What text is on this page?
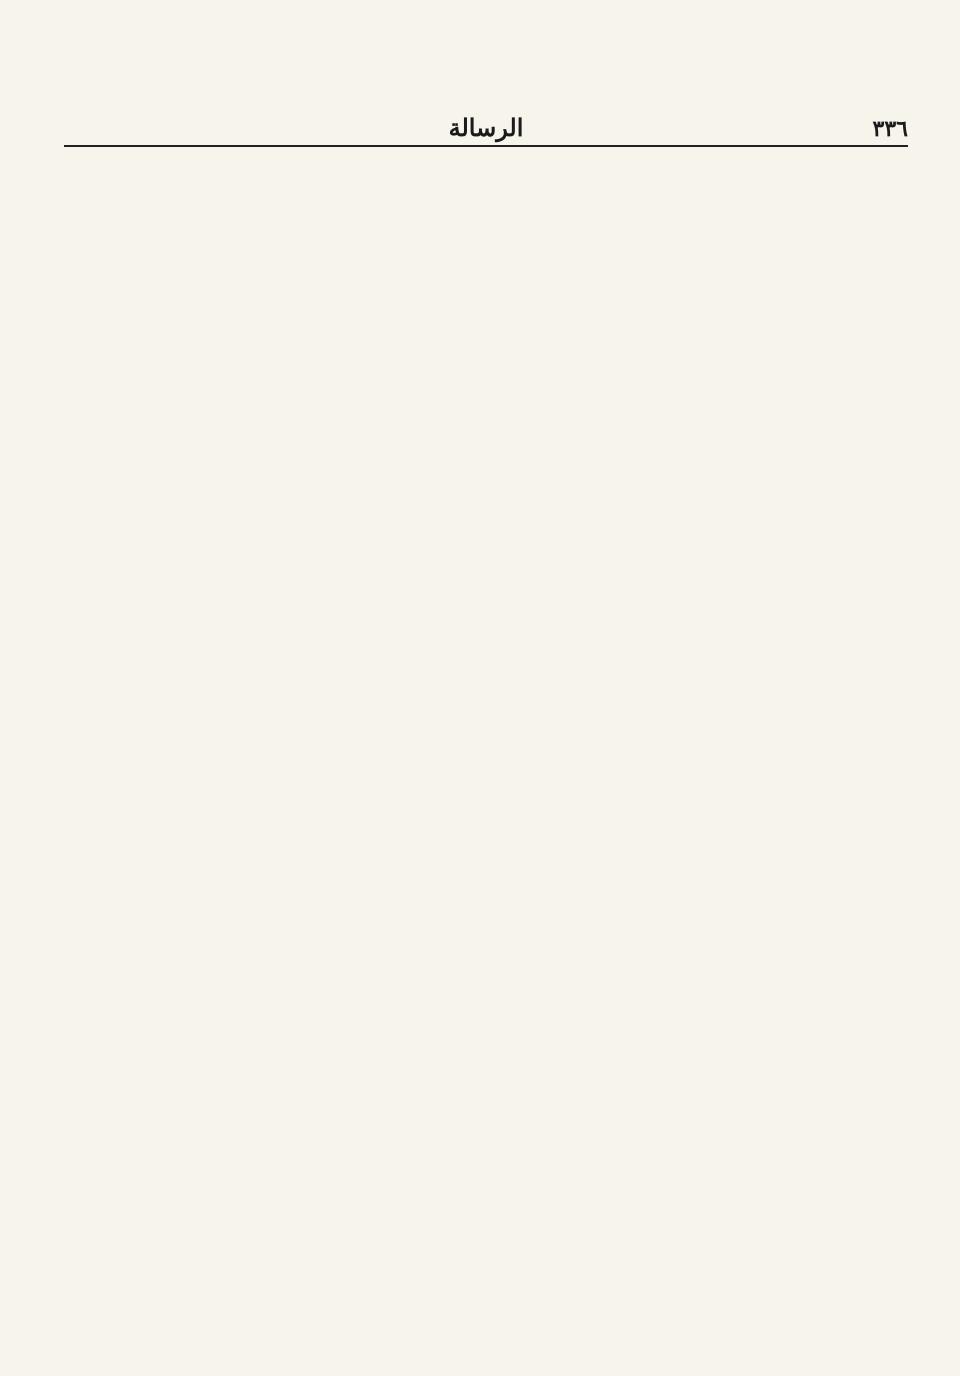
الرسالة	٣٣٦
